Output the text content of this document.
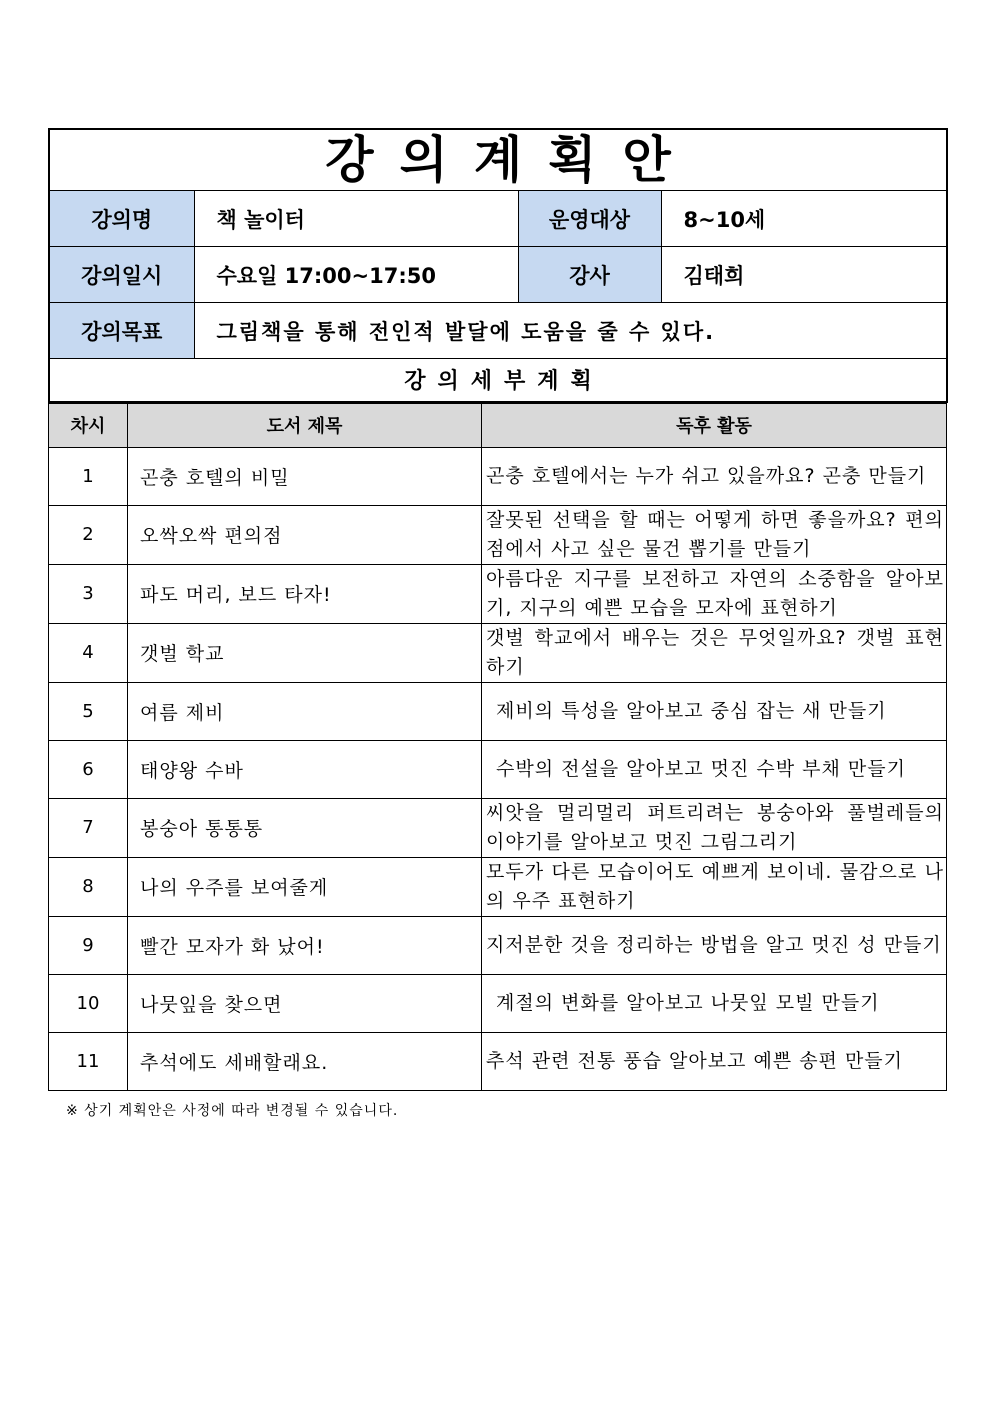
강의계획안			
강의명	책 놀이터	운영대상	8~10세
강의일시	수요일 17:00~17:50	강사	김태희
강의목표	그림책을 통해 전인적 발달에 도움을 줄 수 있다.		
강의세부계획			
차시	도서 제목	독후 활동
1	곤충 호텔의 비밀	곤충 호텔에서는 누가 쉬고 있을까요? 곤충 만들기
2	오싹오싹 편의점	잘못된 선택을 할 때는 어떻게 하면 좋을까요? 편의점에서 사고 싶은 물건 뽑기를 만들기
3	파도 머리, 보드 타자!	아름다운 지구를 보전하고 자연의 소중함을 알아보기, 지구의 예쁜 모습을 모자에 표현하기
4	갯벌 학교	갯벌 학교에서 배우는 것은 무엇일까요? 갯벌 표현하기
5	여름 제비	제비의 특성을 알아보고 중심 잡는 새 만들기
6	태양왕 수바	수박의 전설을 알아보고 멋진 수박 부채 만들기
7	봉숭아 통통통	씨앗을 멀리멀리 퍼트리려는 봉숭아와 풀벌레들의 이야기를 알아보고 멋진 그림그리기
8	나의 우주를 보여줄게	모두가 다른 모습이어도 예쁘게 보이네. 물감으로 나의 우주 표현하기
9	빨간 모자가 화 났어!	지저분한 것을 정리하는 방법을 알고 멋진 성 만들기
10	나뭇잎을 찾으면	계절의 변화를 알아보고 나뭇잎 모빌 만들기
11	추석에도 세배할래요.	추석 관련 전통 풍습 알아보고 예쁜 송편 만들기
※ 상기 계획안은 사정에 따라 변경될 수 있습니다.
